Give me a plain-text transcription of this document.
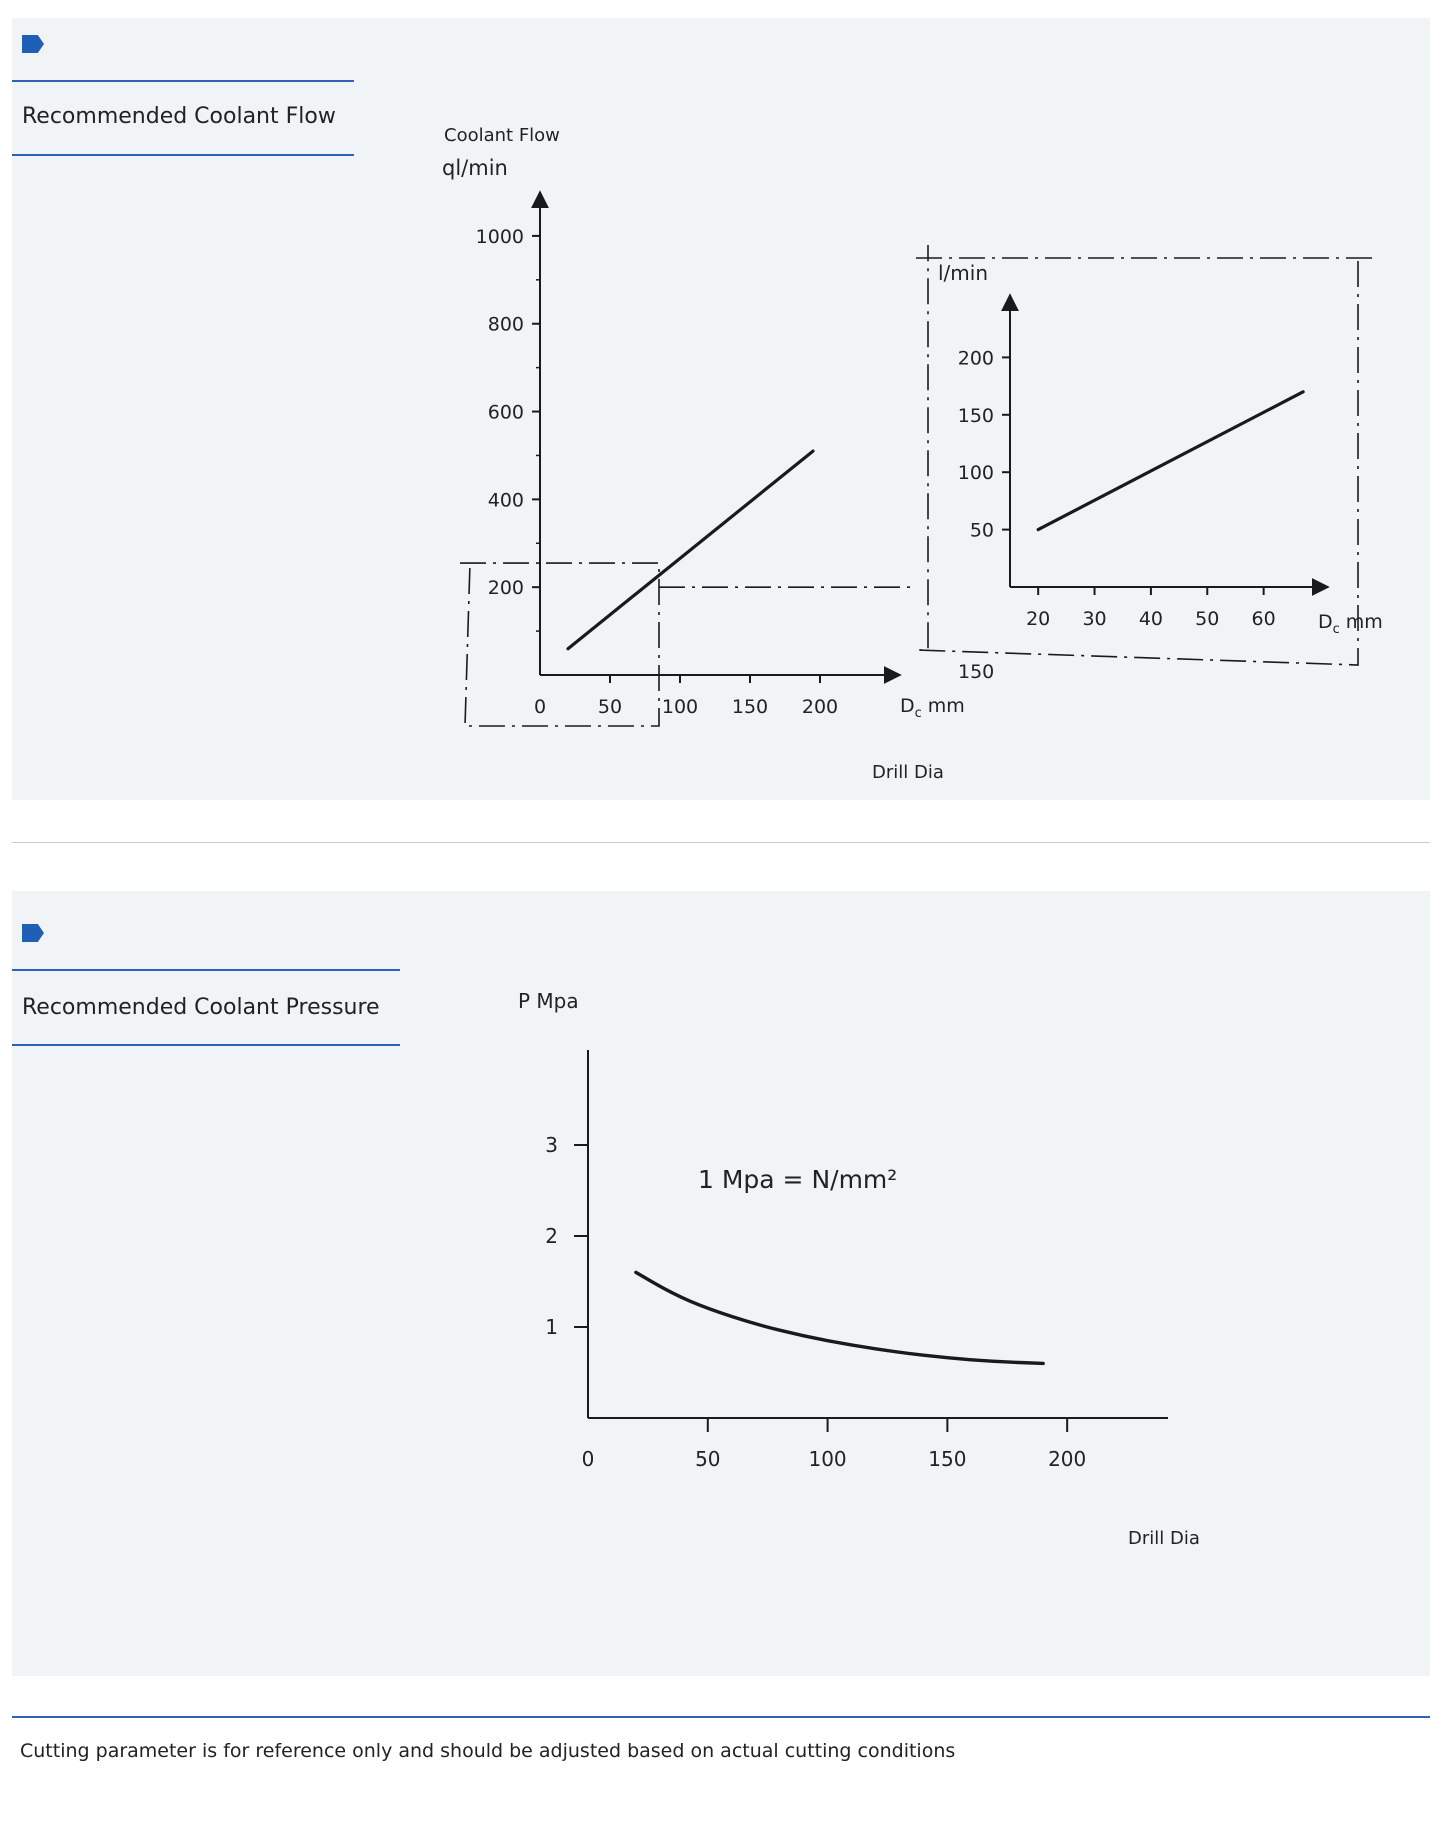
Recommended Coolant Flow
Coolant Flow
ql/min
0	50 100 150 200
200
400
600
800
1000
$D_c$ mm
Drill Dia
l/min
20 30 40 50 60
50
100
150
200
$D_c$ mm
150
Recommended Coolant Pressure	P Mpa
0	50	100	150	200
1
2
3
1 Mpa = N/mm²
Drill Dia
Cutting parameter is for reference only and should be adjusted based on actual cutting conditions
